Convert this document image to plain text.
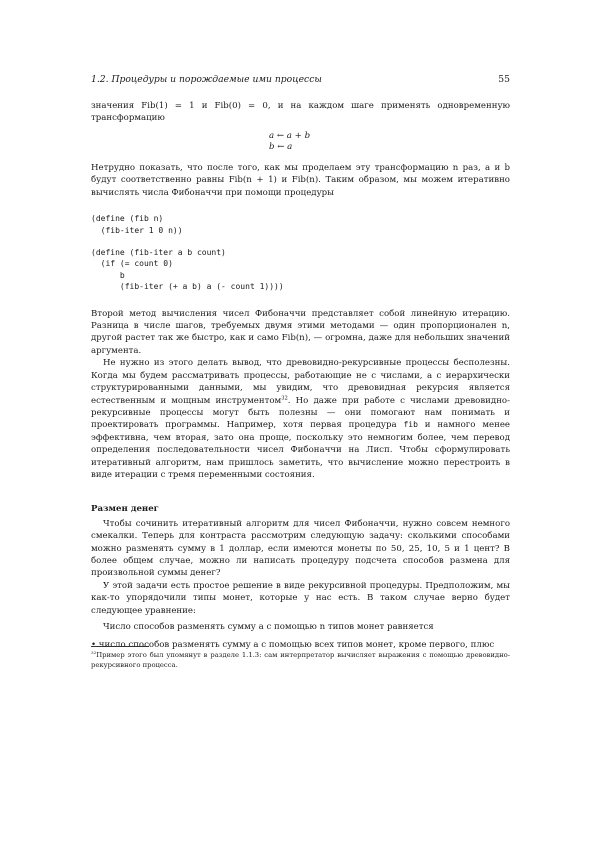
1.2. Процедуры и порождаемые ими процессы	55

значения Fib(1) = 1 и Fib(0) = 0, и на каждом шаге применять одновременную трансформацию

a ← a + b
b ← a

Нетрудно показать, что после того, как мы проделаем эту трансформацию n раз, a и b будут соответственно равны Fib(n + 1) и Fib(n). Таким образом, мы можем итеративно вычислять числа Фибоначчи при помощи процедуры

(define (fib n)
(fib-iter 1 0 n))
(define (fib-iter a b count)
(if (= count 0)
b
(fib-iter (+ a b) a (- count 1))))

Второй метод вычисления чисел Фибоначчи представляет собой линейную итерацию. Разница в числе шагов, требуемых двумя этими методами — один пропорционален n, другой растет так же быстро, как и само Fib(n), — огромна, даже для небольших значений аргумента.

Не нужно из этого делать вывод, что древовидно-рекурсивные процессы бесполезны. Когда мы будем рассматривать процессы, работающие не с числами, а с иерархически структурированными данными, мы увидим, что древовидная рекурсия является естественным и мощным инструментом$^{32}$. Но даже при работе с числами древовидно-рекурсивные процессы могут быть полезны — они помогают нам понимать и проектировать программы. Например, хотя первая процедура fib и намного менее эффективна, чем вторая, зато она проще, поскольку это немногим более, чем перевод определения последовательности чисел Фибоначчи на Лисп. Чтобы сформулировать итеративный алгоритм, нам пришлось заметить, что вычисление можно перестроить в виде итерации с тремя переменными состояния.

Размен денег

Чтобы сочинить итеративный алгоритм для чисел Фибоначчи, нужно совсем немного смекалки. Теперь для контраста рассмотрим следующую задачу: сколькими способами можно разменять сумму в 1 доллар, если имеются монеты по 50, 25, 10, 5 и 1 цент? В более общем случае, можно ли написать процедуру подсчета способов размена для произвольной суммы денег?

У этой задачи есть простое решение в виде рекурсивной процедуры. Предположим, мы как-то упорядочили типы монет, которые у нас есть. В таком случае верно будет следующее уравнение:

Число способов разменять сумму a с помощью n типов монет равняется

• число способов разменять сумму a с помощью всех типов монет, кроме первого, плюс

$^{32}$Пример этого был упомянут в разделе 1.1.3: сам интерпретатор вычисляет выражения с помощью древовидно-рекурсивного процесса.
